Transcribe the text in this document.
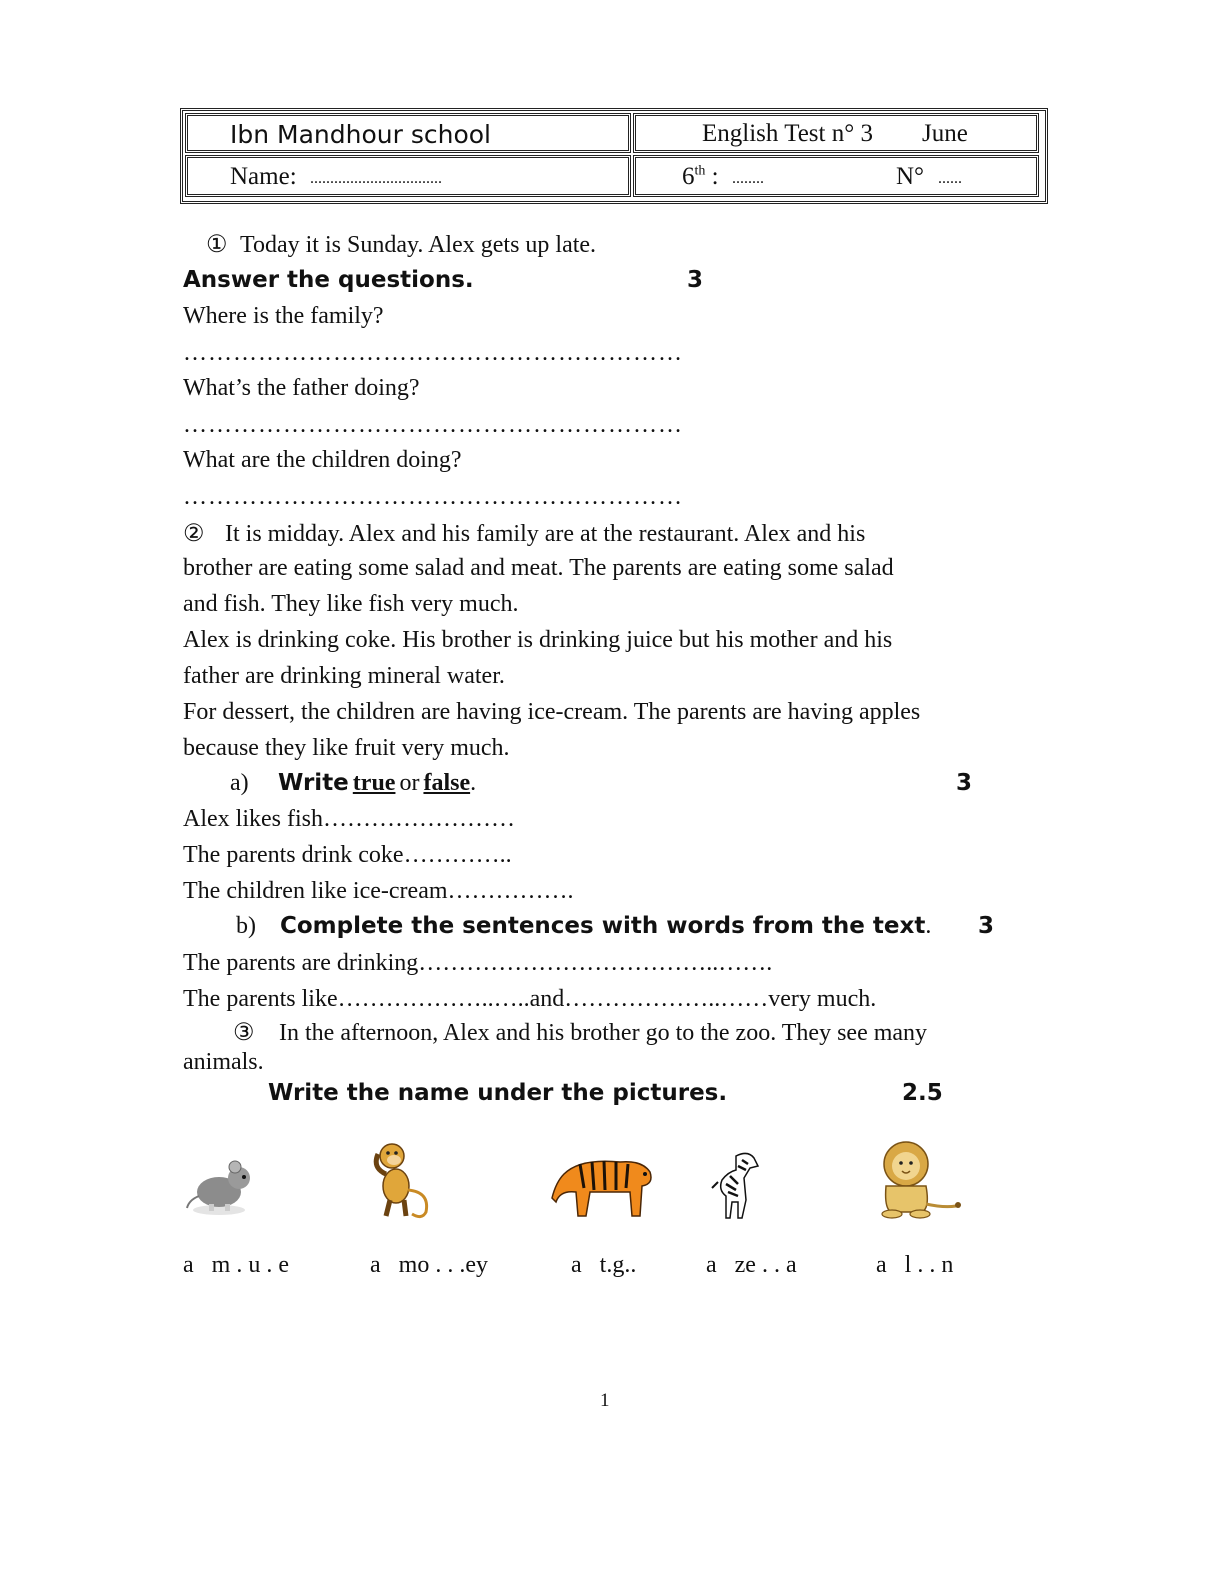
Ibn Mandhour school	English Test n° 3 June
Name: .................................	6th : ........	N° ......
① Today it is Sunday. Alex gets up late.
Answer the questions.	3
Where is the family?
……………………………………………………
What’s the father doing?
……………………………………………………
What are the children doing?
……………………………………………………
② It is midday. Alex and his family are at the restaurant. Alex and his
brother are eating some salad and meat. The parents are eating some salad
and fish. They like fish very much.
Alex is drinking coke. His brother is drinking juice but his mother and his
father are drinking mineral water.
For dessert, the children are having ice-cream. The parents are having apples
because they like fruit very much.
a) Write true or false.	3
Alex likes fish……………………
The parents drink coke…………..
The children like ice-cream…………….
b) Complete the sentences with words from the text. 3
The parents are drinking………………………………..…….
The parents like………………..…..and………………..……very much.
③ In the afternoon, Alex and his brother go to the zoo. They see many
animals.
Write the name under the pictures.	2.5
a   m . u . e	a   mo . . .ey	a   t.g..	a   ze . . a	a   l . . n
1
